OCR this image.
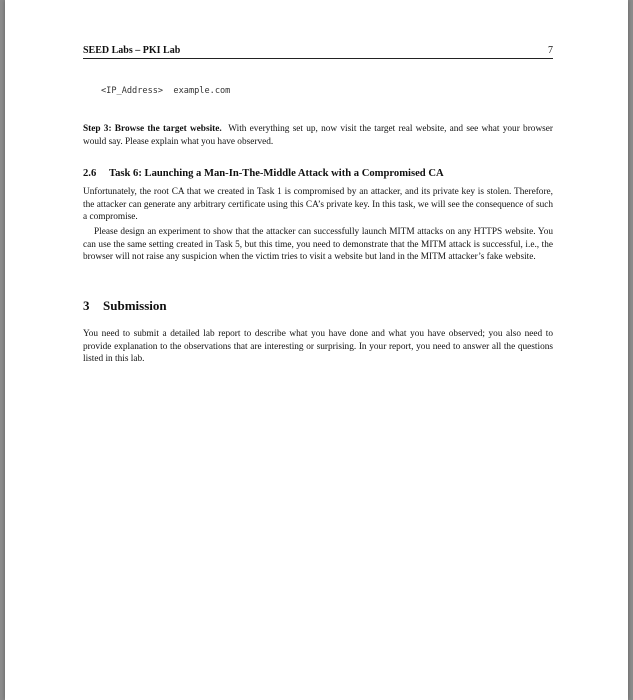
SEED Labs – PKI Lab	7
<IP_Address>  example.com

Step 3: Browse the target website. With everything set up, now visit the target real website, and see what your browser would say. Please explain what you have observed.

2.6 Task 6: Launching a Man-In-The-Middle Attack with a Compromised CA

Unfortunately, the root CA that we created in Task 1 is compromised by an attacker, and its private key is stolen. Therefore, the attacker can generate any arbitrary certificate using this CA’s private key. In this task, we will see the consequence of such a compromise.

Please design an experiment to show that the attacker can successfully launch MITM attacks on any HTTPS website. You can use the same setting created in Task 5, but this time, you need to demonstrate that the MITM attack is successful, i.e., the browser will not raise any suspicion when the victim tries to visit a website but land in the MITM attacker’s fake website.

3 Submission

You need to submit a detailed lab report to describe what you have done and what you have observed; you also need to provide explanation to the observations that are interesting or surprising. In your report, you need to answer all the questions listed in this lab.
